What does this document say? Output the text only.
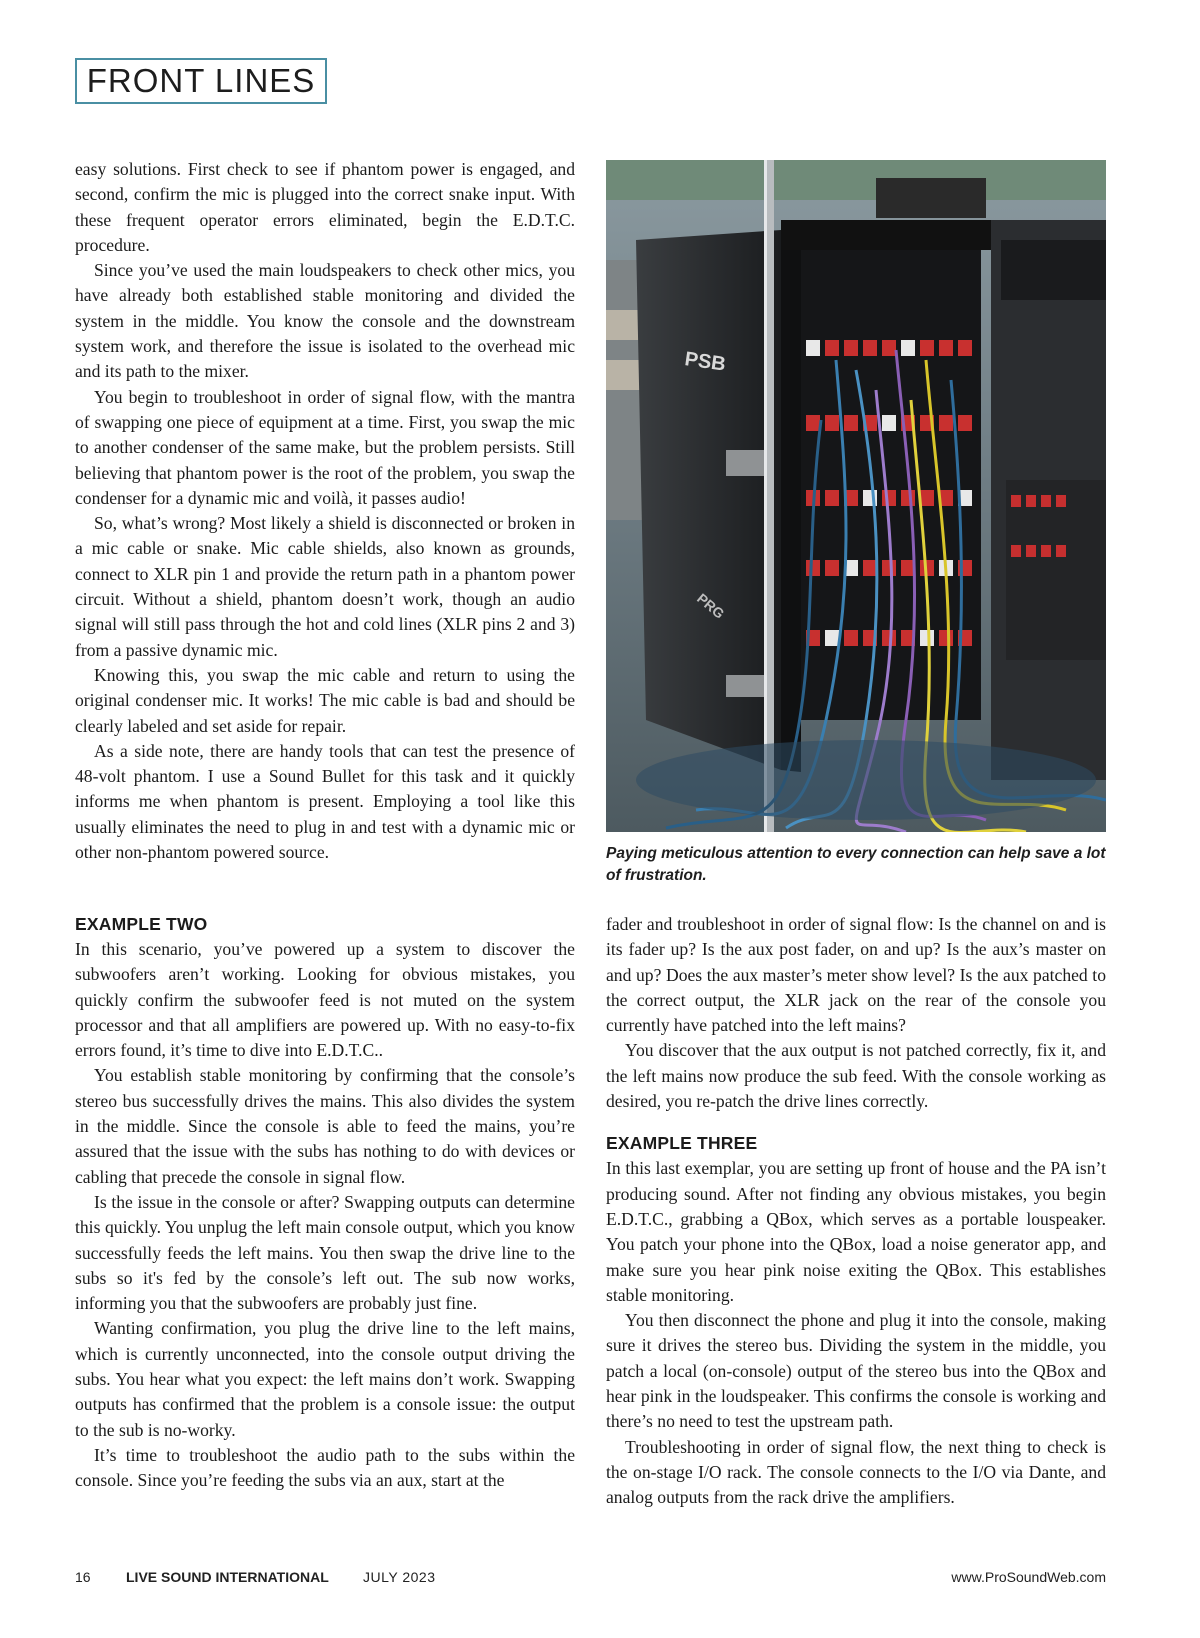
FRONT LINES

easy solutions. First check to see if phantom power is engaged, and second, confirm the mic is plugged into the correct snake input. With these frequent operator errors eliminated, begin the E.D.T.C. procedure.

Since you’ve used the main loudspeakers to check other mics, you have already both established stable monitoring and divided the system in the middle. You know the console and the downstream system work, and therefore the issue is isolated to the overhead mic and its path to the mixer.

You begin to troubleshoot in order of signal flow, with the mantra of swapping one piece of equipment at a time. First, you swap the mic to another condenser of the same make, but the problem persists. Still believing that phantom power is the root of the problem, you swap the condenser for a dynamic mic and voilà, it passes audio!

So, what’s wrong? Most likely a shield is disconnected or broken in a mic cable or snake. Mic cable shields, also known as grounds, connect to XLR pin 1 and provide the return path in a phantom power circuit. Without a shield, phantom doesn’t work, though an audio signal will still pass through the hot and cold lines (XLR pins 2 and 3) from a passive dynamic mic.

Knowing this, you swap the mic cable and return to using the original condenser mic. It works! The mic cable is bad and should be clearly labeled and set aside for repair.

As a side note, there are handy tools that can test the presence of 48-volt phantom. I use a Sound Bullet for this task and it quickly informs me when phantom is present. Employing a tool like this usually eliminates the need to plug in and test with a dynamic mic or other non-phantom powered source.

PSB
PRG
Paying meticulous attention to every connection can help save a lot of frustration.
EXAMPLE TWO

In this scenario, you’ve powered up a system to discover the subwoofers aren’t working. Looking for obvious mistakes, you quickly confirm the subwoofer feed is not muted on the system processor and that all amplifiers are powered up. With no easy-to-fix errors found, it’s time to dive into E.D.T.C..

You establish stable monitoring by confirming that the console’s stereo bus successfully drives the mains. This also divides the system in the middle. Since the console is able to feed the mains, you’re assured that the issue with the subs has nothing to do with devices or cabling that precede the console in signal flow.

Is the issue in the console or after? Swapping outputs can determine this quickly. You unplug the left main console output, which you know successfully feeds the left mains. You then swap the drive line to the subs so it's fed by the console’s left out. The sub now works, informing you that the subwoofers are probably just fine.

Wanting confirmation, you plug the drive line to the left mains, which is currently unconnected, into the console output driving the subs. You hear what you expect: the left mains don’t work. Swapping outputs has confirmed that the problem is a console issue: the output to the sub is no-worky.

It’s time to troubleshoot the audio path to the subs within the console. Since you’re feeding the subs via an aux, start at the

fader and troubleshoot in order of signal flow: Is the channel on and is its fader up? Is the aux post fader, on and up? Is the aux’s master on and up? Does the aux master’s meter show level? Is the aux patched to the correct output, the XLR jack on the rear of the console you currently have patched into the left mains?

You discover that the aux output is not patched correctly, fix it, and the left mains now produce the sub feed. With the console working as desired, you re-patch the drive lines correctly.

EXAMPLE THREE

In this last exemplar, you are setting up front of house and the PA isn’t producing sound. After not finding any obvious mistakes, you begin E.D.T.C., grabbing a QBox, which serves as a portable louspeaker. You patch your phone into the QBox, load a noise generator app, and make sure you hear pink noise exiting the QBox. This establishes stable monitoring.

You then disconnect the phone and plug it into the console, making sure it drives the stereo bus. Dividing the system in the middle, you patch a local (on-console) output of the stereo bus into the QBox and hear pink in the loudspeaker. This confirms the console is working and there’s no need to test the upstream path.

Troubleshooting in order of signal flow, the next thing to check is the on-stage I/O rack. The console connects to the I/O via Dante, and analog outputs from the rack drive the amplifiers.

16	LIVE SOUND INTERNATIONAL JULY 2023	www.ProSoundWeb.com
